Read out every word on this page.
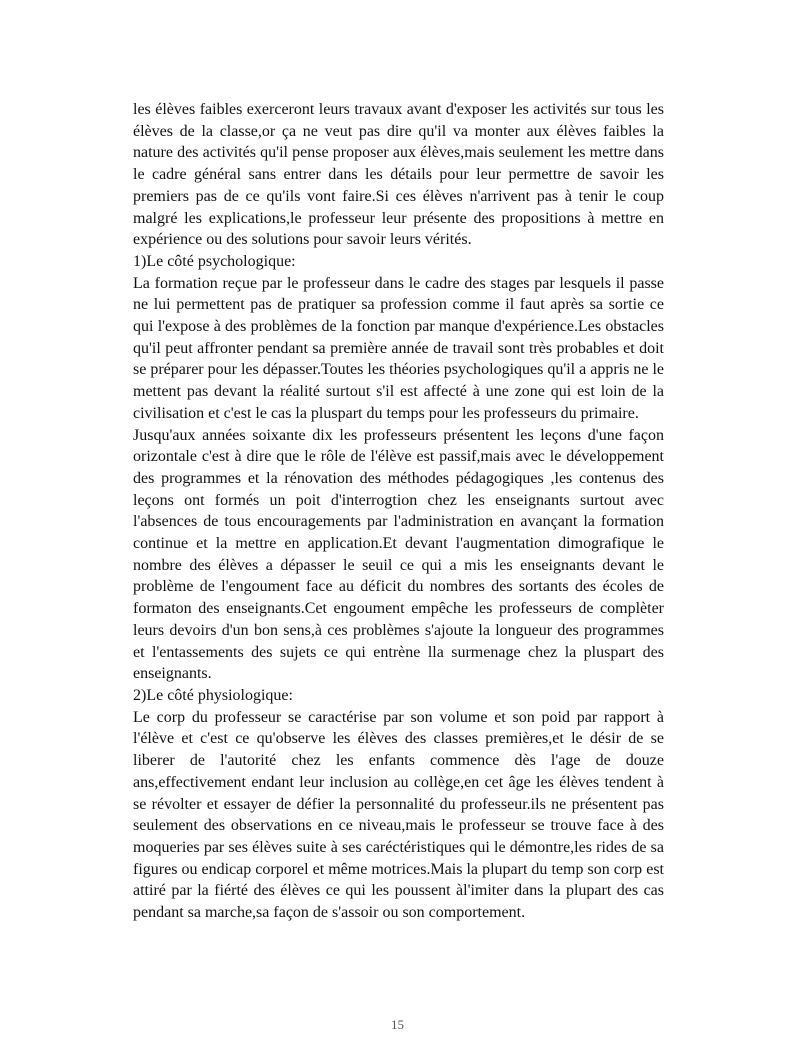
les élèves faibles exerceront leurs travaux avant d'exposer les activités sur tous les élèves de la classe,or ça ne veut pas dire qu'il va monter aux élèves faibles la nature des activités qu'il pense proposer aux élèves,mais seulement les mettre dans le cadre général sans entrer dans les détails pour leur permettre de savoir les premiers pas de ce qu'ils vont faire.Si ces élèves n'arrivent pas à tenir le coup malgré les explications,le professeur leur présente des propositions à mettre en expérience ou des solutions pour savoir leurs vérités.

1)Le côté psychologique:

La formation reçue par le professeur dans le cadre des stages par lesquels il passe ne lui permettent pas de pratiquer sa profession comme il faut après sa sortie ce qui l'expose à des problèmes de la fonction par manque d'expérience.Les obstacles qu'il peut affronter pendant sa première année de travail sont très probables et doit se préparer pour les dépasser.Toutes les théories psychologiques qu'il a appris ne le mettent pas devant la réalité surtout s'il est affecté à une zone qui est loin de la civilisation et c'est le cas la pluspart du temps pour les professeurs du primaire.

Jusqu'aux années soixante dix les professeurs présentent les leçons d'une façon orizontale c'est à dire que le rôle de l'élève est passif,mais avec le développement des programmes et la rénovation des méthodes pédagogiques ,les contenus des leçons ont formés un poit d'interrogtion chez les enseignants surtout avec l'absences de tous encouragements par l'administration en avançant la formation continue et la mettre en application.Et devant l'augmentation dimografique le nombre des élèves a dépasser le seuil ce qui a mis les enseignants devant le problème de l'engoument face au déficit du nombres des sortants des écoles de formaton des enseignants.Cet engoument empêche les professeurs de complèter leurs devoirs d'un bon sens,à ces problèmes s'ajoute la longueur des programmes et l'entassements des sujets ce qui entrène lla surmenage chez la pluspart des enseignants.

2)Le côté physiologique:

Le corp du professeur se caractérise par son volume et son poid par rapport à l'élève et c'est ce qu'observe les élèves des classes premières,et le désir de se liberer de l'autorité chez les enfants commence dès l'age de douze ans,effectivement endant leur inclusion au collège,en cet âge les élèves tendent à se révolter et essayer de défier la personnalité du professeur.ils ne présentent pas seulement des observations en ce niveau,mais le professeur se trouve face à des moqueries par ses élèves suite à ses caréctéristiques qui le démontre,les rides de sa figures ou endicap corporel et même motrices.Mais la plupart du temp son corp est attiré par la fiérté des élèves ce qui les poussent àl'imiter dans la plupart des cas pendant sa marche,sa façon de s'assoir ou son comportement.

15
